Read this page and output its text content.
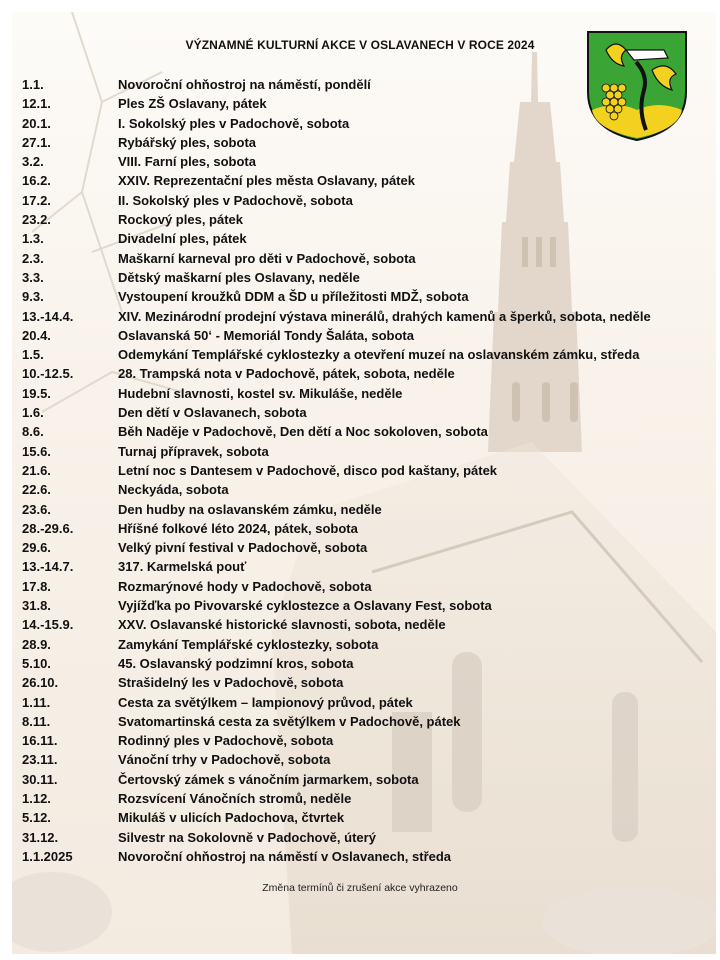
VÝZNAMNÉ KULTURNÍ AKCE V OSLAVANECH V ROCE 2024
1.1.	Novoroční ohňostroj na náměstí, pondělí
12.1.	Ples ZŠ Oslavany, pátek
20.1.	I. Sokolský ples v Padochově, sobota
27.1.	Rybářský ples, sobota
3.2.	VIII. Farní ples, sobota
16.2.	XXIV. Reprezentační ples města Oslavany, pátek
17.2.	II. Sokolský ples v Padochově, sobota
23.2.	Rockový ples, pátek
1.3.	Divadelní ples, pátek
2.3.	Maškarní karneval pro děti v Padochově, sobota
3.3.	Dětský maškarní ples Oslavany, neděle
9.3.	Vystoupení kroužků DDM a ŠD u příležitosti MDŽ, sobota
13.-14.4.	XIV. Mezinárodní prodejní výstava minerálů, drahých kamenů a šperků, sobota, neděle
20.4.	Oslavanská 50ʻ - Memoriál Tondy Šaláta, sobota
1.5.	Odemykání Templářské cyklostezky a otevření muzeí na oslavanském zámku, středa
10.-12.5.	28. Trampská nota v Padochově, pátek, sobota, neděle
19.5.	Hudební slavnosti, kostel sv. Mikuláše, neděle
1.6.	Den dětí v Oslavanech, sobota
8.6.	Běh Naděje v Padochově, Den dětí a Noc sokoloven, sobota
15.6.	Turnaj přípravek, sobota
21.6.	Letní noc s Dantesem v Padochově, disco pod kaštany, pátek
22.6.	Neckyáda, sobota
23.6.	Den hudby na oslavanském zámku, neděle
28.-29.6.	Hříšné folkové léto 2024, pátek, sobota
29.6.	Velký pivní festival v Padochově, sobota
13.-14.7.	317. Karmelská pouť
17.8.	Rozmarýnové hody v Padochově, sobota
31.8.	Vyjížďka po Pivovarské cyklostezce a Oslavany Fest, sobota
14.-15.9.	XXV. Oslavanské historické slavnosti, sobota, neděle
28.9.	Zamykání Templářské cyklostezky, sobota
5.10.	45. Oslavanský podzimní kros, sobota
26.10.	Strašidelný les v Padochově, sobota
1.11.	Cesta za světýlkem – lampionový průvod, pátek
8.11.	Svatomartinská cesta za světýlkem v Padochově, pátek
16.11.	Rodinný ples v Padochově, sobota
23.11.	Vánoční trhy v Padochově, sobota
30.11.	Čertovský zámek s vánočním jarmarkem, sobota
1.12.	Rozsvícení Vánočních stromů, neděle
5.12.	Mikuláš v ulicích Padochova, čtvrtek
31.12.	Silvestr na Sokolovně v Padochově, úterý
1.1.2025	Novoroční ohňostroj na náměstí v Oslavanech, středa
Změna termínů či zrušení akce vyhrazeno
